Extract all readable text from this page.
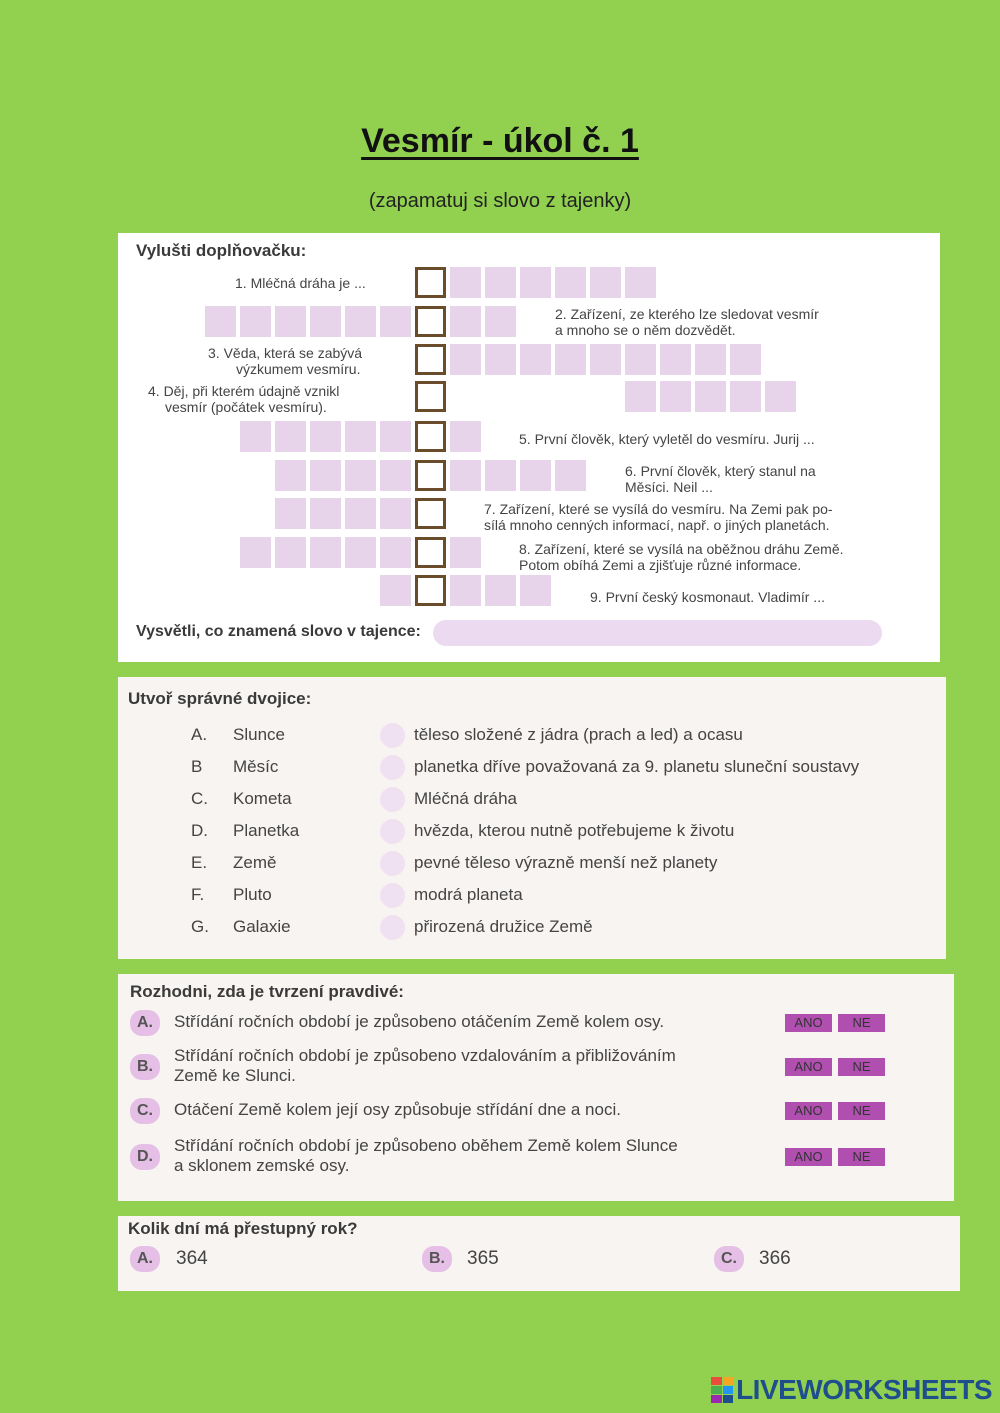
Vesmír - úkol č. 1
(zapamatuj si slovo z tajenky)
Vylušti doplňovačku:
1. Mléčná dráha je ...
2. Zařízení, ze kterého lze sledovat vesmír
a mnoho se o něm dozvědět.
3. Věda, která se zabývá
výzkumem vesmíru.
4. Děj, při kterém údajně vznikl
vesmír (počátek vesmíru).
5. První člověk, který vyletěl do vesmíru. Jurij ...
6. První člověk, který stanul na
Měsíci. Neil ...
7. Zařízení, které se vysílá do vesmíru. Na Zemi pak po-
sílá mnoho cenných informací, např. o jiných planetách.
8. Zařízení, které se vysílá na oběžnou dráhu Země.
Potom obíhá Zemi a zjišťuje různé informace.
9. První český kosmonaut. Vladimír ...
Vysvětli, co znamená slovo v tajence:
Utvoř správné dvojice:
A. Slunce	těleso složené z jádra (prach a led) a ocasu
B Měsíc	planetka dříve považovaná za 9. planetu sluneční soustavy
C. Kometa	Mléčná dráha
D. Planetka	hvězda, kterou nutně potřebujeme k životu
E. Země	pevné těleso výrazně menší než planety
F. Pluto	modrá planeta
G. Galaxie	přirozená družice Země
Rozhodni, zda je tvrzení pravdivé:
A.	Střídání ročních období je způsobeno otáčením Země kolem osy.	ANO	NE
B.
Střídání ročních období je způsobeno vzdalováním a přibližováním
Země ke Slunci.	ANO	NE
C.	Otáčení Země kolem její osy způsobuje střídání dne a noci.	ANO	NE
D.
Střídání ročních období je způsobeno oběhem Země kolem Slunce
a sklonem zemské osy.	ANO	NE
Kolik dní má přestupný rok?
A.	364	B.	365	C.	366
LIVEWORKSHEETS
